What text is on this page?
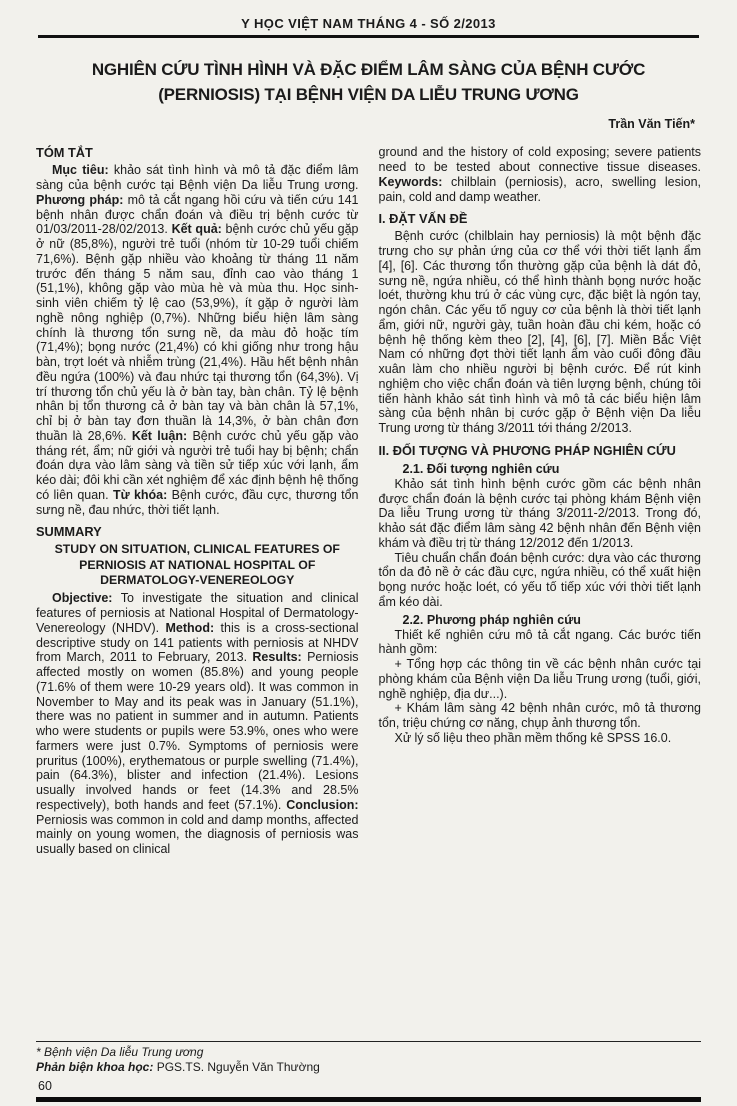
Y HỌC VIỆT NAM THÁNG 4 - SỐ 2/2013
NGHIÊN CỨU TÌNH HÌNH VÀ ĐẶC ĐIỂM LÂM SÀNG CỦA BỆNH CƯỚC
(PERNIOSIS) TẠI BỆNH VIỆN DA LIỄU TRUNG ƯƠNG
Trần Văn Tiến*
TÓM TẮT

Mục tiêu: khảo sát tình hình và mô tả đặc điểm lâm sàng của bệnh cước tại Bệnh viện Da liễu Trung ương. Phương pháp: mô tả cắt ngang hồi cứu và tiến cứu 141 bệnh nhân được chẩn đoán và điều trị bệnh cước từ 01/03/2011-28/02/2013. Kết quả: bệnh cước chủ yếu gặp ở nữ (85,8%), người trẻ tuổi (nhóm từ 10-29 tuổi chiếm 71,6%). Bệnh gặp nhiều vào khoảng từ tháng 11 năm trước đến tháng 5 năm sau, đỉnh cao vào tháng 1 (51,1%), không gặp vào mùa hè và mùa thu. Học sinh-sinh viên chiếm tỷ lệ cao (53,9%), ít gặp ở người làm nghề nông nghiệp (0,7%). Những biểu hiện lâm sàng chính là thương tổn sưng nề, da màu đỏ hoặc tím (71,4%); bọng nước (21,4%) có khi giống như trong hậu bàn, trợt loét và nhiễm trùng (21,4%). Hầu hết bệnh nhân đều ngứa (100%) và đau nhức tại thương tổn (64,3%). Vị trí thương tổn chủ yếu là ở bàn tay, bàn chân. Tỷ lệ bệnh nhân bị tổn thương cả ở bàn tay và bàn chân là 57,1%, chỉ bị ở bàn tay đơn thuần là 14,3%, ở bàn chân đơn thuần là 28,6%. Kết luận: Bệnh cước chủ yếu gặp vào tháng rét, ẩm; nữ giới và người trẻ tuổi hay bị bệnh; chẩn đoán dựa vào lâm sàng và tiền sử tiếp xúc với lạnh, ẩm kéo dài; đôi khi cần xét nghiệm để xác định bệnh hệ thống có liên quan. Từ khóa: Bệnh cước, đầu cực, thương tổn sưng nề, đau nhức, thời tiết lạnh.

SUMMARY
STUDY ON SITUATION, CLINICAL FEATURES OF PERNIOSIS AT NATIONAL HOSPITAL OF DERMATOLOGY-VENEREOLOGY

Objective: To investigate the situation and clinical features of perniosis at National Hospital of Dermatology-Venereology (NHDV). Method: this is a cross-sectional descriptive study on 141 patients with perniosis at NHDV from March, 2011 to February, 2013. Results: Perniosis affected mostly on women (85.8%) and young people (71.6% of them were 10-29 years old). It was common in November to May and its peak was in January (51.1%), there was no patient in summer and in autumn. Patients who were students or pupils were 53.9%, ones who were farmers were just 0.7%. Symptoms of perniosis were pruritus (100%), erythematous or purple swelling (71.4%), pain (64.3%), blister and infection (21.4%). Lesions usually involved hands or feet (14.3% and 28.5% respectively), both hands and feet (57.1%). Conclusion: Perniosis was common in cold and damp months, affected mainly on young women, the diagnosis of perniosis was usually based on clinical

ground and the history of cold exposing; severe patients need to be tested about connective tissue diseases. Keywords: chilblain (perniosis), acro, swelling lesion, pain, cold and damp weather.

I. ĐẶT VẤN ĐỀ

Bệnh cước (chilblain hay perniosis) là một bệnh đặc trưng cho sự phản ứng của cơ thể với thời tiết lạnh ẩm [4], [6]. Các thương tổn thường gặp của bệnh là dát đỏ, sưng nề, ngứa nhiều, có thể hình thành bọng nước hoặc loét, thường khu trú ở các vùng cực, đặc biệt là ngón tay, ngón chân. Các yếu tố nguy cơ của bệnh là thời tiết lạnh ẩm, giới nữ, người gày, tuần hoàn đầu chi kém, hoặc có bệnh hệ thống kèm theo [2], [4], [6], [7]. Miền Bắc Việt Nam có những đợt thời tiết lạnh ẩm vào cuối đông đầu xuân làm cho nhiều người bị bệnh cước. Để rút kinh nghiệm cho việc chẩn đoán và tiên lượng bệnh, chúng tôi tiến hành khảo sát tình hình và mô tả các biểu hiện lâm sàng của bệnh nhân bị cước gặp ở Bệnh viện Da liễu Trung ương từ tháng 3/2011 tới tháng 2/2013.

II. ĐỐI TƯỢNG VÀ PHƯƠNG PHÁP NGHIÊN CỨU
2.1. Đối tượng nghiên cứu

Khảo sát tình hình bệnh cước gồm các bệnh nhân được chẩn đoán là bệnh cước tại phòng khám Bệnh viện Da liễu Trung ương từ tháng 3/2011-2/2013. Trong đó, khảo sát đặc điểm lâm sàng 42 bệnh nhân đến Bệnh viện khám và điều trị từ tháng 12/2012 đến 1/2013.

Tiêu chuẩn chẩn đoán bệnh cước: dựa vào các thương tổn da đỏ nề ở các đầu cực, ngứa nhiều, có thể xuất hiện bọng nước hoặc loét, có yếu tố tiếp xúc với thời tiết lạnh ẩm kéo dài.

2.2. Phương pháp nghiên cứu

Thiết kế nghiên cứu mô tả cắt ngang. Các bước tiến hành gồm:

+ Tổng hợp các thông tin về các bệnh nhân cước tại phòng khám của Bệnh viện Da liễu Trung ương (tuổi, giới, nghề nghiệp, địa dư...).

+ Khám lâm sàng 42 bệnh nhân cước, mô tả thương tổn, triệu chứng cơ năng, chụp ảnh thương tổn.

Xử lý số liệu theo phần mềm thống kê SPSS 16.0.

* Bệnh viện Da liễu Trung ương
Phản biện khoa học: PGS.TS. Nguyễn Văn Thường
60
